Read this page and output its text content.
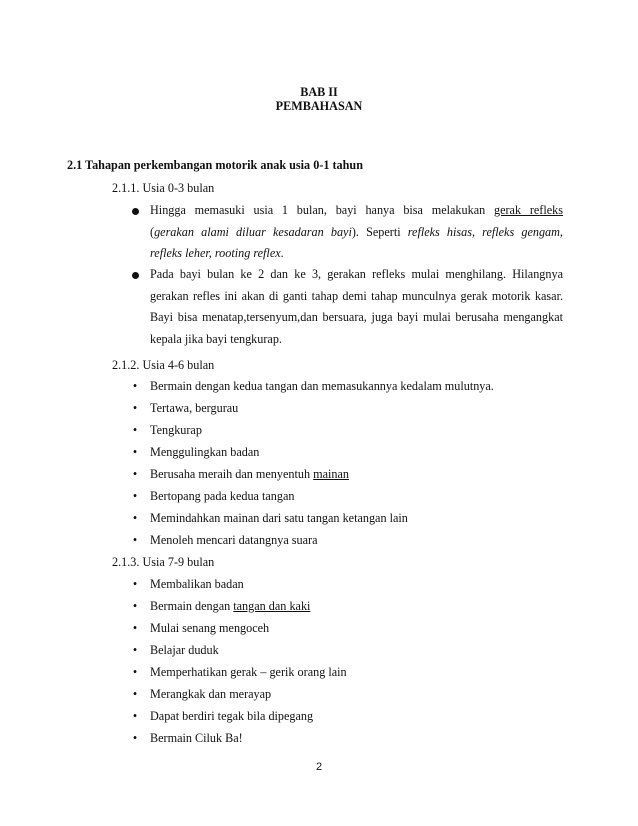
BAB II
PEMBAHASAN
2.1 Tahapan perkembangan motorik anak usia 0-1 tahun
2.1.1. Usia 0-3 bulan
Hingga memasuki usia 1 bulan, bayi hanya bisa melakukan gerak refleks
(gerakan alami diluar kesadaran bayi). Seperti refleks hisas, refleks gengam,
refleks leher, rooting reflex.
Pada bayi bulan ke 2 dan ke 3, gerakan refleks mulai menghilang. Hilangnya
gerakan refles ini akan di ganti tahap demi tahap munculnya gerak motorik kasar.
Bayi bisa menatap,tersenyum,dan bersuara, juga bayi mulai berusaha mengangkat
kepala jika bayi tengkurap.
2.1.2. Usia 4-6 bulan
• Bermain dengan kedua tangan dan memasukannya kedalam mulutnya.
• Tertawa, bergurau
• Tengkurap
• Menggulingkan badan
• Berusaha meraih dan menyentuh mainan
• Bertopang pada kedua tangan
• Memindahkan mainan dari satu tangan ketangan lain
• Menoleh mencari datangnya suara
2.1.3. Usia 7-9 bulan
• Membalikan badan
• Bermain dengan tangan dan kaki
• Mulai senang mengoceh
• Belajar duduk
• Memperhatikan gerak – gerik orang lain
• Merangkak dan merayap
• Dapat berdiri tegak bila dipegang
• Bermain Ciluk Ba!
2
